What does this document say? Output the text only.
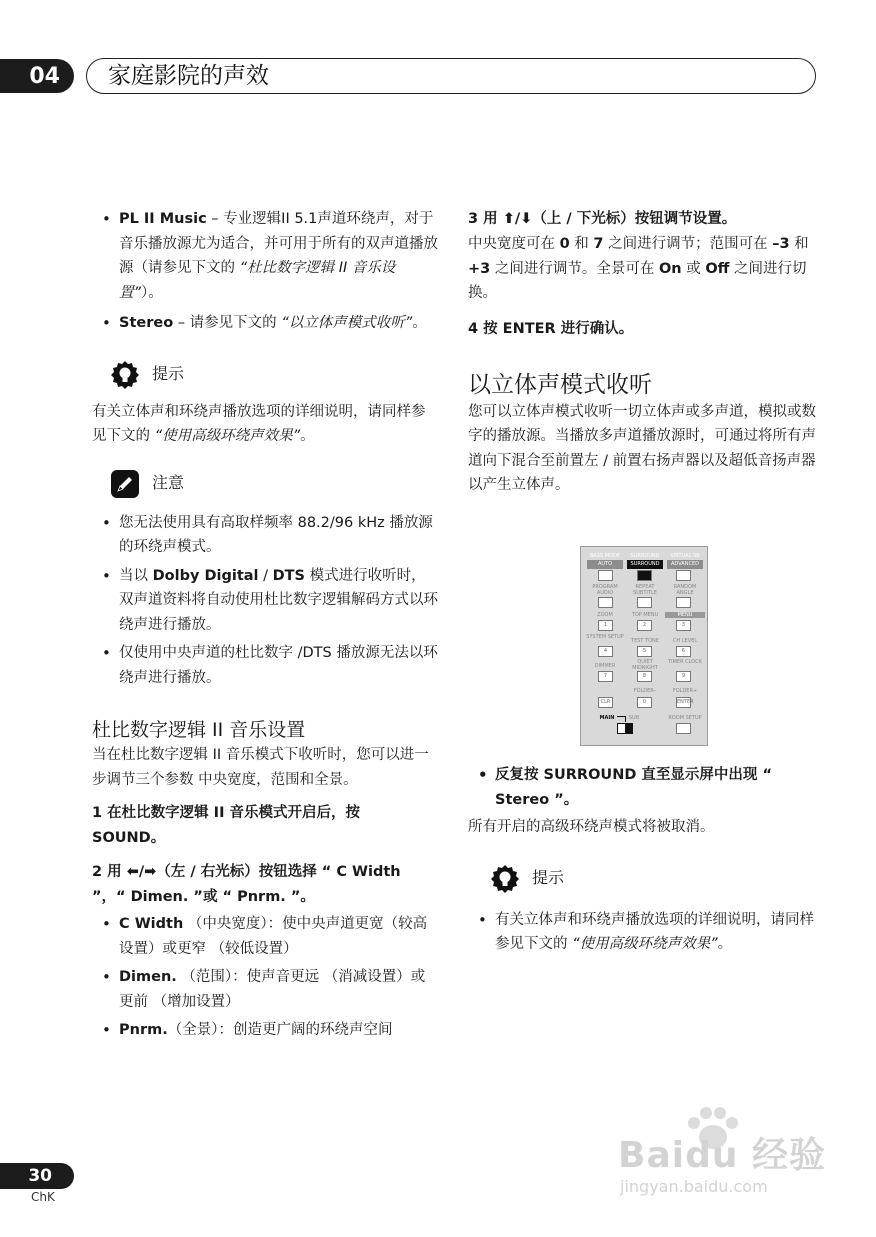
04 家庭影院的声效

• PL II Music – 专业逻辑II 5.1声道环绕声，对于音乐播放源尤为适合，并可用于所有的双声道播放源（请参见下文的 “杜比数字逻辑 II 音乐设置”）。

• Stereo – 请参见下文的 “以立体声模式收听”。

提示

有关立体声和环绕声播放选项的详细说明，请同样参见下文的 “使用高级环绕声效果”。

注意

• 您无法使用具有高取样频率 88.2/96 kHz 播放源的环绕声模式。

• 当以 Dolby Digital / DTS 模式进行收听时，双声道资料将自动使用杜比数字逻辑解码方式以环绕声进行播放。

• 仅使用中央声道的杜比数字 /DTS 播放源无法以环绕声进行播放。

杜比数字逻辑 II 音乐设置

当在杜比数字逻辑 II 音乐模式下收听时，您可以进一步调节三个参数 中央宽度，范围和全景。

1 在杜比数字逻辑 II 音乐模式开启后，按 SOUND。

2 用 ⬅/➡（左 / 右光标）按钮选择 “ C Width ”，“ Dimen. ”或 “ Pnrm. ”。

• C Width （中央宽度）：使中央声道更宽（较高设置）或更窄 （较低设置）

• Dimen. （范围）：使声音更远 （消减设置）或更前 （增加设置）

• Pnrm.（全景）：创造更广阔的环绕声空间

3 用 ⬆/⬇（上 / 下光标）按钮调节设置。

中央宽度可在 0 和 7 之间进行调节；范围可在 –3 和 +3 之间进行调节。全景可在 On 或 Off 之间进行切换。

4 按 ENTER 进行确认。

以立体声模式收听

您可以立体声模式收听一切立体声或多声道，模拟或数字的播放源。当播放多声道播放源时，可通过将所有声道向下混合至前置左 / 前置右扬声器以及超低音扬声器以产生立体声。

BASS MODE	SURROUND	VIRTUAL SB
AUTO	SURROUND	ADVANCED
PROGRAM AUDIO
REPEAT SUBTITLE
RANDOM ANGLE
ZOOM	TOP MENU	MENU
1	2	3
SYSTEM SETUP
TEST TONE	CH LEVEL
4	5	6
DIMMER
QUIET MIDNIGHT
TIMER CLOCK
7	8	9
FOLDER–	FOLDER+
CLR	0	ENTER
MAIN	SUB	ROOM SETUP

• 反复按 SURROUND 直至显示屏中出现 “ Stereo ”。

所有开启的高级环绕声模式将被取消。

提示

• 有关立体声和环绕声播放选项的详细说明，请同样参见下文的 “使用高级环绕声效果”。

Baidu 经验
jingyan.baidu.com
30
ChK
